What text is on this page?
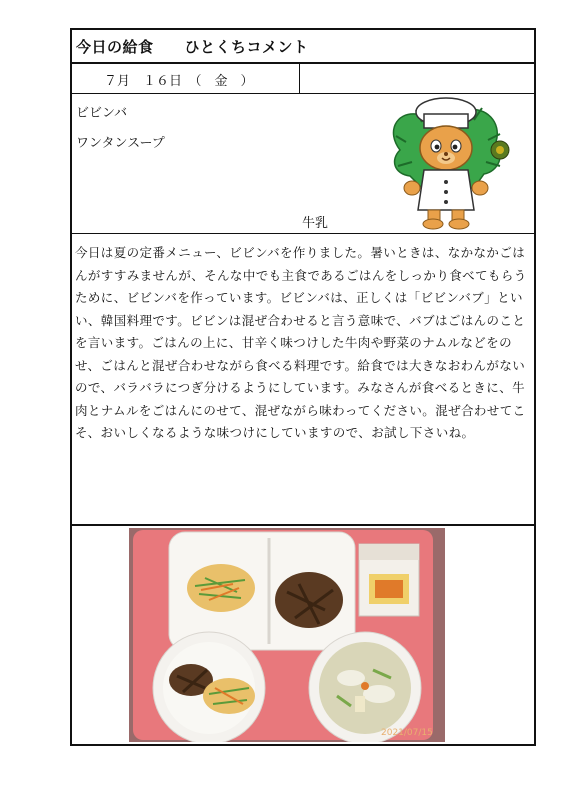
今日の給食　　ひとくちコメント
７月　１６日　（　金　）
ビビンバ
ワンタンスープ
牛乳
今日は夏の定番メニュー、ビビンバを作りました。暑いときは、なかなかごはんがすすみませんが、そんな中でも主食であるごはんをしっかり食べてもらうために、ビビンバを作っています。ビビンバは、正しくは「ビビンバブ」といい、韓国料理です。ビビンは混ぜ合わせると言う意味で、バブはごはんのことを言います。ごはんの上に、甘辛く味つけした牛肉や野菜のナムルなどをのせ、ごはんと混ぜ合わせながら食べる料理です。給食では大きなおわんがないので、バラバラにつぎ分けるようにしています。みなさんが食べるときに、牛肉とナムルをごはんにのせて、混ぜながら味わってください。混ぜ合わせてこそ、おいしくなるような味つけにしていますので、お試し下さいね。
2021/07/15
